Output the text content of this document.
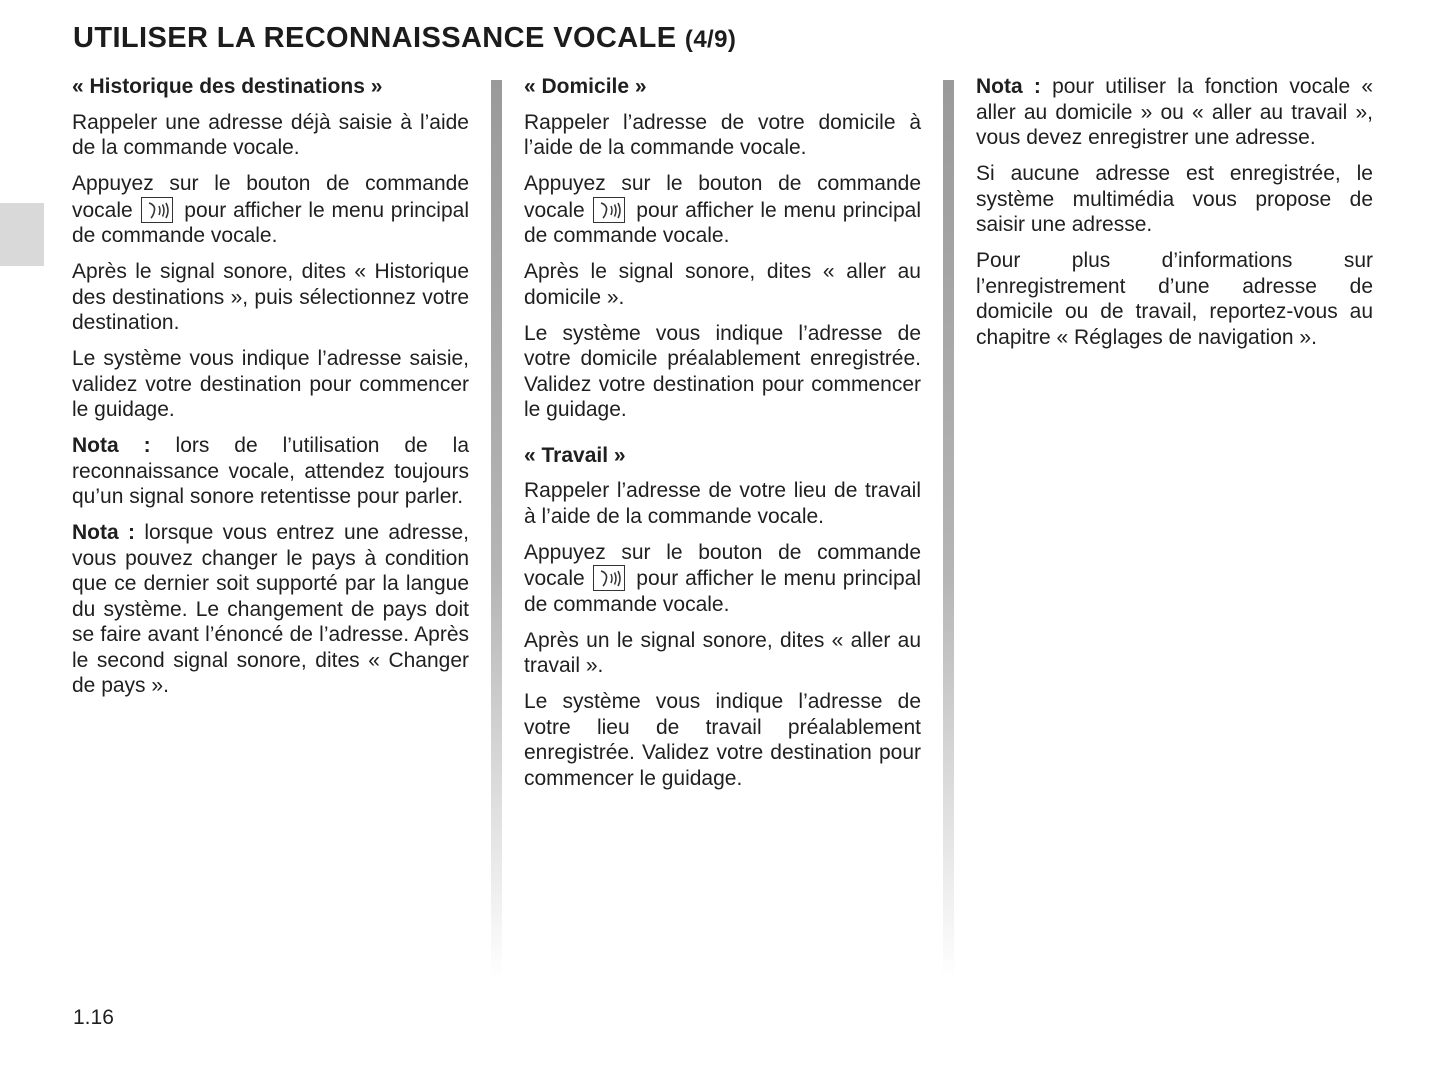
UTILISER LA RECONNAISSANCE VOCALE (4/9)

« Historique des destinations »

Rappeler une adresse déjà saisie à l’aide de la commande vocale.

Appuyez sur le bouton de commande vocale pour afficher le menu principal de commande vocale.

Après le signal sonore, dites « Historique des destinations », puis sélectionnez votre destination.

Le système vous indique l’adresse saisie, validez votre destination pour commencer le guidage.

Nota : lors de l’utilisation de la reconnaissance vocale, attendez toujours qu’un signal sonore retentisse pour parler.

Nota : lorsque vous entrez une adresse, vous pouvez changer le pays à condition que ce dernier soit supporté par la langue du système. Le changement de pays doit se faire avant l’énoncé de l’adresse. Après le second signal sonore, dites « Changer de pays ».

« Domicile »

Rappeler l’adresse de votre domicile à l’aide de la commande vocale.

Appuyez sur le bouton de commande vocale pour afficher le menu principal de commande vocale.

Après le signal sonore, dites « aller au domicile ».

Le système vous indique l’adresse de votre domicile préalablement enregistrée. Validez votre destination pour commencer le guidage.

« Travail »

Rappeler l’adresse de votre lieu de travail à l’aide de la commande vocale.

Appuyez sur le bouton de commande vocale pour afficher le menu principal de commande vocale.

Après un le signal sonore, dites « aller au travail ».

Le système vous indique l’adresse de votre lieu de travail préalablement enregistrée. Validez votre destination pour commencer le guidage.

Nota : pour utiliser la fonction vocale « aller au domicile » ou « aller au travail », vous devez enregistrer une adresse.

Si aucune adresse est enregistrée, le système multimédia vous propose de saisir une adresse.

Pour plus d’informations sur l’enregistrement d’une adresse de domicile ou de travail, reportez-vous au chapitre « Réglages de navigation ».

1.16
